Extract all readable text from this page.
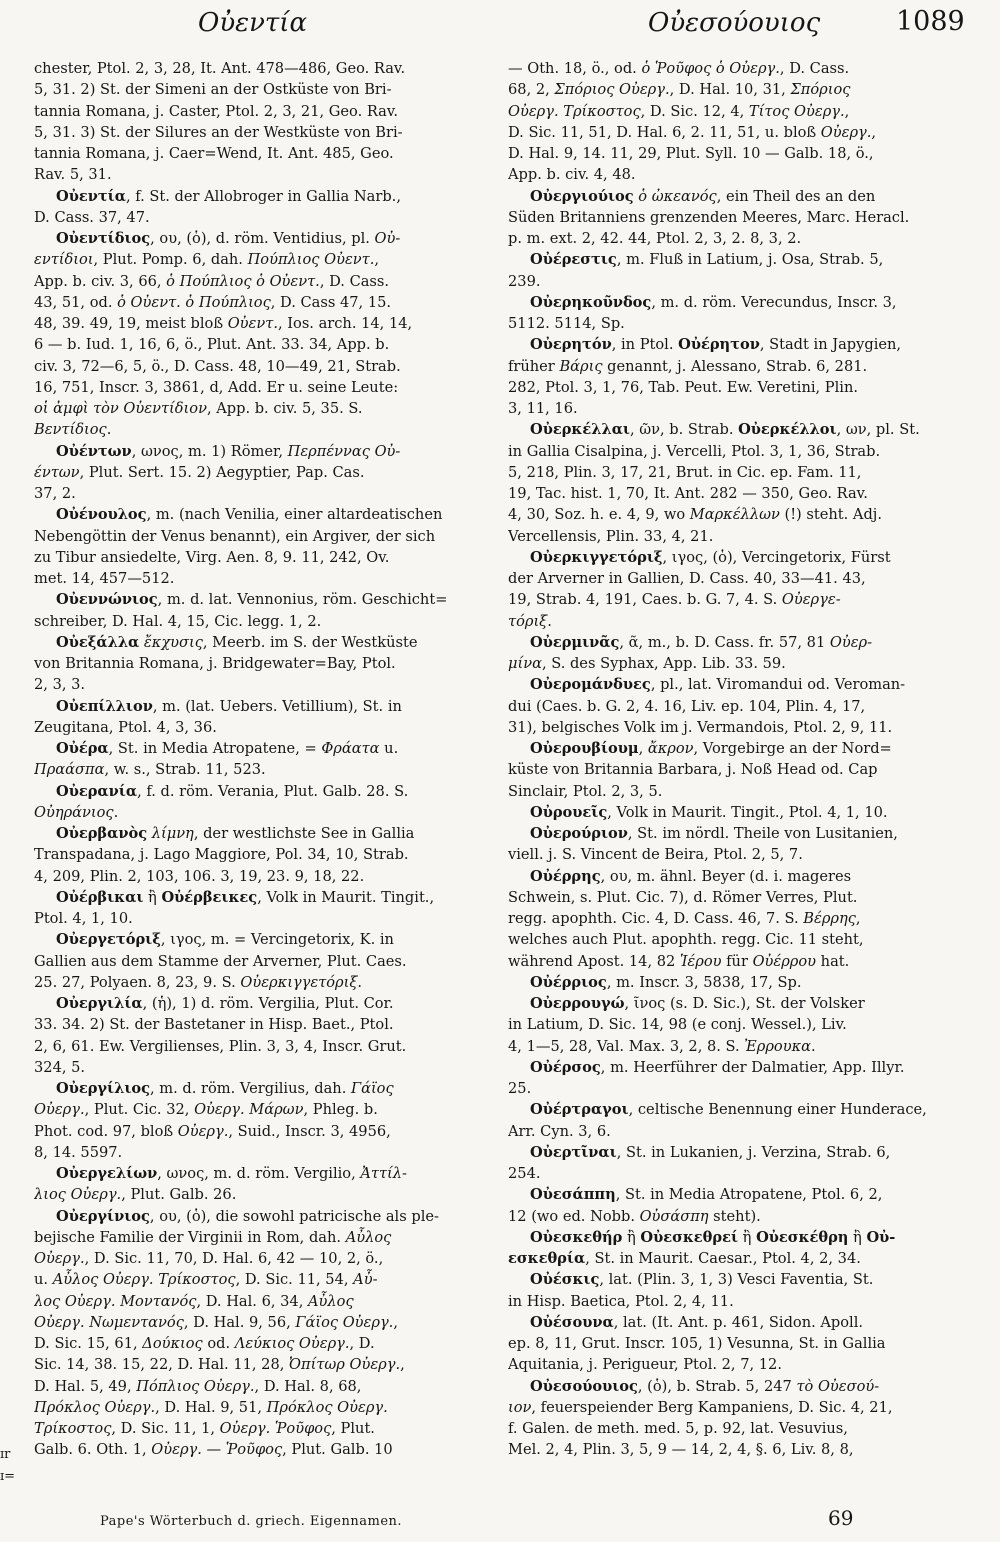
Οὐεντία	Οὐεσούουιος	1089
chester, Ptol. 2, 3, 28, It. Ant. 478—486, Geo. Rav.
5, 31. 2) St. der Simeni an der Ostküste von Bri-
tannia Romana, j. Caster, Ptol. 2, 3, 21, Geo. Rav.
5, 31. 3) St. der Silures an der Westküste von Bri-
tannia Romana, j. Caer=Wend, It. Ant. 485, Geo.
Rav. 5, 31.
Οὐεντία, f. St. der Allobroger in Gallia Narb.,
D. Cass. 37, 47.
Οὐεντίδιος, ου, (ὁ), d. röm. Ventidius, pl. Οὐ-
εντίδιοι, Plut. Pomp. 6, dah. Πούπλιος Οὐεντ.,
App. b. civ. 3, 66, ὁ Πούπλιος ὁ Οὐεντ., D. Cass.
43, 51, od. ὁ Οὐεντ. ὁ Πούπλιος, D. Cass 47, 15.
48, 39. 49, 19, meist bloß Οὐεντ., Ios. arch. 14, 14,
6 — b. Iud. 1, 16, 6, ö., Plut. Ant. 33. 34, App. b.
civ. 3, 72—6, 5, ö., D. Cass. 48, 10—49, 21, Strab.
16, 751, Inscr. 3, 3861, d, Add. Er u. seine Leute:
οἱ ἀμφὶ τὸν Οὐεντίδιον, App. b. civ. 5, 35. S.
Βεντίδιος.
Οὐέντων, ωνος, m. 1) Römer, Περπέννας Οὐ-
έντων, Plut. Sert. 15. 2) Aegyptier, Pap. Cas.
37, 2.
Οὐένουλος, m. (nach Venilia, einer altardeatischen
Nebengöttin der Venus benannt), ein Argiver, der sich
zu Tibur ansiedelte, Virg. Aen. 8, 9. 11, 242, Ov.
met. 14, 457—512.
Οὐεννώνιος, m. d. lat. Vennonius, röm. Geschicht=
schreiber, D. Hal. 4, 15, Cic. legg. 1, 2.
Οὐεξάλλα ἔκχυσις, Meerb. im S. der Westküste
von Britannia Romana, j. Bridgewater=Bay, Ptol.
2, 3, 3.
Οὐεπίλλιον, m. (lat. Uebers. Vetillium), St. in
Zeugitana, Ptol. 4, 3, 36.
Οὐέρα, St. in Media Atropatene, = Φράατα u.
Πραάσπα, w. s., Strab. 11, 523.
Οὐερανία, f. d. röm. Verania, Plut. Galb. 28. S.
Οὐηράνιος.
Οὐερβανὸς λίμνη, der westlichste See in Gallia
Transpadana, j. Lago Maggiore, Pol. 34, 10, Strab.
4, 209, Plin. 2, 103, 106. 3, 19, 23. 9, 18, 22.
Οὐέρβικαι ἢ Οὐέρβεικες, Volk in Maurit. Tingit.,
Ptol. 4, 1, 10.
Οὐεργετόριξ, ιγος, m. = Vercingetorix, K. in
Gallien aus dem Stamme der Arverner, Plut. Caes.
25. 27, Polyaen. 8, 23, 9. S. Οὐερκιγγετόριξ.
Οὐεργιλία, (ἡ), 1) d. röm. Vergilia, Plut. Cor.
33. 34. 2) St. der Bastetaner in Hisp. Baet., Ptol.
2, 6, 61. Ew. Vergilienses, Plin. 3, 3, 4, Inscr. Grut.
324, 5.
Οὐεργίλιος, m. d. röm. Vergilius, dah. Γάϊος
Οὐεργ., Plut. Cic. 32, Οὐεργ. Μάρων, Phleg. b.
Phot. cod. 97, bloß Οὐεργ., Suid., Inscr. 3, 4956,
8, 14. 5597.
Οὐεργελίων, ωνος, m. d. röm. Vergilio, Ἀττίλ-
λιος Οὐεργ., Plut. Galb. 26.
Οὐεργίνιος, ου, (ὁ), die sowohl patricische als ple-
bejische Familie der Virginii in Rom, dah. Αὖλος
Οὐεργ., D. Sic. 11, 70, D. Hal. 6, 42 — 10, 2, ö.,
u. Αὖλος Οὐεργ. Τρίκοστος, D. Sic. 11, 54, Αὖ-
λος Οὐεργ. Μοντανός, D. Hal. 6, 34, Αὖλος
Οὐεργ. Νωμεντανός, D. Hal. 9, 56, Γάϊος Οὐεργ.,
D. Sic. 15, 61, Δούκιος od. Λεύκιος Οὐεργ., D.
Sic. 14, 38. 15, 22, D. Hal. 11, 28, Ὀπίτωρ Οὐεργ.,
D. Hal. 5, 49, Πόπλιος Οὐεργ., D. Hal. 8, 68,
Πρόκλος Οὐεργ., D. Hal. 9, 51, Πρόκλος Οὐεργ.
Τρίκοστος, D. Sic. 11, 1, Οὐεργ. Ῥοῦφος, Plut.
Galb. 6. Oth. 1, Οὐεργ. — Ῥοῦφος, Plut. Galb. 10
— Oth. 18, ö., od. ὁ Ῥοῦφος ὁ Οὐεργ., D. Cass.
68, 2, Σπόριος Οὐεργ., D. Hal. 10, 31, Σπόριος
Οὐεργ. Τρίκοστος, D. Sic. 12, 4, Τίτος Οὐεργ.,
D. Sic. 11, 51, D. Hal. 6, 2. 11, 51, u. bloß Οὐεργ.,
D. Hal. 9, 14. 11, 29, Plut. Syll. 10 — Galb. 18, ö.,
App. b. civ. 4, 48.
Οὐεργιούιος ὁ ὠκεανός, ein Theil des an den
Süden Britanniens grenzenden Meeres, Marc. Heracl.
p. m. ext. 2, 42. 44, Ptol. 2, 3, 2. 8, 3, 2.
Οὐέρεστις, m. Fluß in Latium, j. Osa, Strab. 5,
239.
Οὐερηκοῦνδος, m. d. röm. Verecundus, Inscr. 3,
5112. 5114, Sp.
Οὐερητόν, in Ptol. Οὐέρητον, Stadt in Japygien,
früher Βάρις genannt, j. Alessano, Strab. 6, 281.
282, Ptol. 3, 1, 76, Tab. Peut. Ew. Veretini, Plin.
3, 11, 16.
Οὐερκέλλαι, ῶν, b. Strab. Οὐερκέλλοι, ων, pl. St.
in Gallia Cisalpina, j. Vercelli, Ptol. 3, 1, 36, Strab.
5, 218, Plin. 3, 17, 21, Brut. in Cic. ep. Fam. 11,
19, Tac. hist. 1, 70, It. Ant. 282 — 350, Geo. Rav.
4, 30, Soz. h. e. 4, 9, wo Μαρκέλλων (!) steht. Adj.
Vercellensis, Plin. 33, 4, 21.
Οὐερκιγγετόριξ, ιγος, (ὁ), Vercingetorix, Fürst
der Arverner in Gallien, D. Cass. 40, 33—41. 43,
19, Strab. 4, 191, Caes. b. G. 7, 4. S. Οὐεργε-
τόριξ.
Οὐερμινᾶς, ᾶ, m., b. D. Cass. fr. 57, 81 Οὐερ-
μίνα, S. des Syphax, App. Lib. 33. 59.
Οὐερομάνδυες, pl., lat. Viromandui od. Veroman-
dui (Caes. b. G. 2, 4. 16, Liv. ep. 104, Plin. 4, 17,
31), belgisches Volk im j. Vermandois, Ptol. 2, 9, 11.
Οὐερουβίουμ, ἄκρον, Vorgebirge an der Nord=
küste von Britannia Barbara, j. Noß Head od. Cap
Sinclair, Ptol. 2, 3, 5.
Οὐρουεῖς, Volk in Maurit. Tingit., Ptol. 4, 1, 10.
Οὐερούριον, St. im nördl. Theile von Lusitanien,
viell. j. S. Vincent de Beira, Ptol. 2, 5, 7.
Οὐέρρης, ου, m. ähnl. Beyer (d. i. mageres
Schwein, s. Plut. Cic. 7), d. Römer Verres, Plut.
regg. apophth. Cic. 4, D. Cass. 46, 7. S. Βέρρης,
welches auch Plut. apophth. regg. Cic. 11 steht,
während Apost. 14, 82 Ἱέρου für Οὐέρρου hat.
Οὐέρριος, m. Inscr. 3, 5838, 17, Sp.
Οὐερρουγώ, ῖνος (s. D. Sic.), St. der Volsker
in Latium, D. Sic. 14, 98 (e conj. Wessel.), Liv.
4, 1—5, 28, Val. Max. 3, 2, 8. S. Ἐρρουκα.
Οὐέρσος, m. Heerführer der Dalmatier, App. Illyr.
25.
Οὐέρτραγοι, celtische Benennung einer Hunderace,
Arr. Cyn. 3, 6.
Οὐερτῖναι, St. in Lukanien, j. Verzina, Strab. 6,
254.
Οὐεσάππη, St. in Media Atropatene, Ptol. 6, 2,
12 (wo ed. Nobb. Οὐσάσπη steht).
Οὐεσκεθήρ ἢ Οὐεσκεθρεί ἢ Οὐεσκέθρη ἢ Οὐ-
εσκεθρία, St. in Maurit. Caesar., Ptol. 4, 2, 34.
Οὐέσκις, lat. (Plin. 3, 1, 3) Vesci Faventia, St.
in Hisp. Baetica, Ptol. 2, 4, 11.
Οὐέσουνα, lat. (It. Ant. p. 461, Sidon. Apoll.
ep. 8, 11, Grut. Inscr. 105, 1) Vesunna, St. in Gallia
Aquitania, j. Perigueur, Ptol. 2, 7, 12.
Οὐεσούουιος, (ὁ), b. Strab. 5, 247 τὸ Οὐεσού-
ιον, feuerspeiender Berg Kampaniens, D. Sic. 4, 21,
f. Galen. de meth. med. 5, p. 92, lat. Vesuvius,
Mel. 2, 4, Plin. 3, 5, 9 — 14, 2, 4, §. 6, Liv. 8, 8,
ɪr
ɪ=
Pape's Wörterbuch d. griech. Eigennamen.	69
